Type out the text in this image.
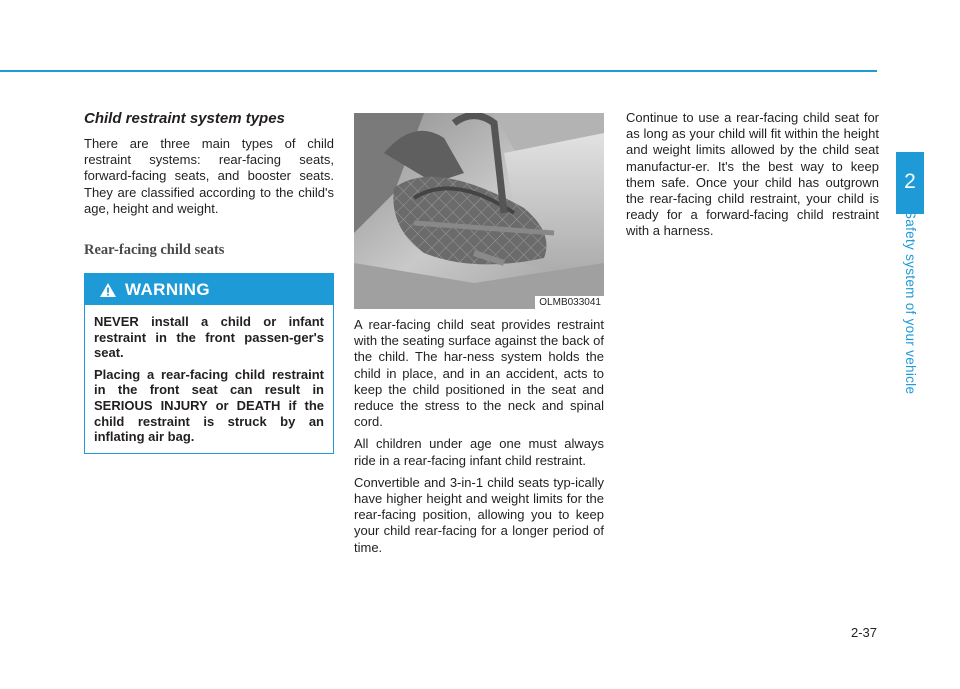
2
Safety system of your vehicle
Child restraint system types

There are three main types of child restraint systems: rear-facing seats, forward-facing seats, and booster seats. They are classified according to the child's age, height and weight.

Rear-facing child seats
WARNING

NEVER install a child or infant restraint in the front passen-ger's seat.

Placing a rear-facing child restraint in the front seat can result in SERIOUS INJURY or DEATH if the child restraint is struck by an inflating air bag.

OLMB033041

A rear-facing child seat provides restraint with the seating surface against the back of the child. The har-ness system holds the child in place, and in an accident, acts to keep the child positioned in the seat and reduce the stress to the neck and spinal cord.

All children under age one must always ride in a rear-facing infant child restraint.

Convertible and 3-in-1 child seats typ-ically have higher height and weight limits for the rear-facing position, allowing you to keep your child rear-facing for a longer period of time.

Continue to use a rear-facing child seat for as long as your child will fit within the height and weight limits allowed by the child seat manufactur-er. It's the best way to keep them safe. Once your child has outgrown the rear-facing child restraint, your child is ready for a forward-facing child restraint with a harness.

2-37
